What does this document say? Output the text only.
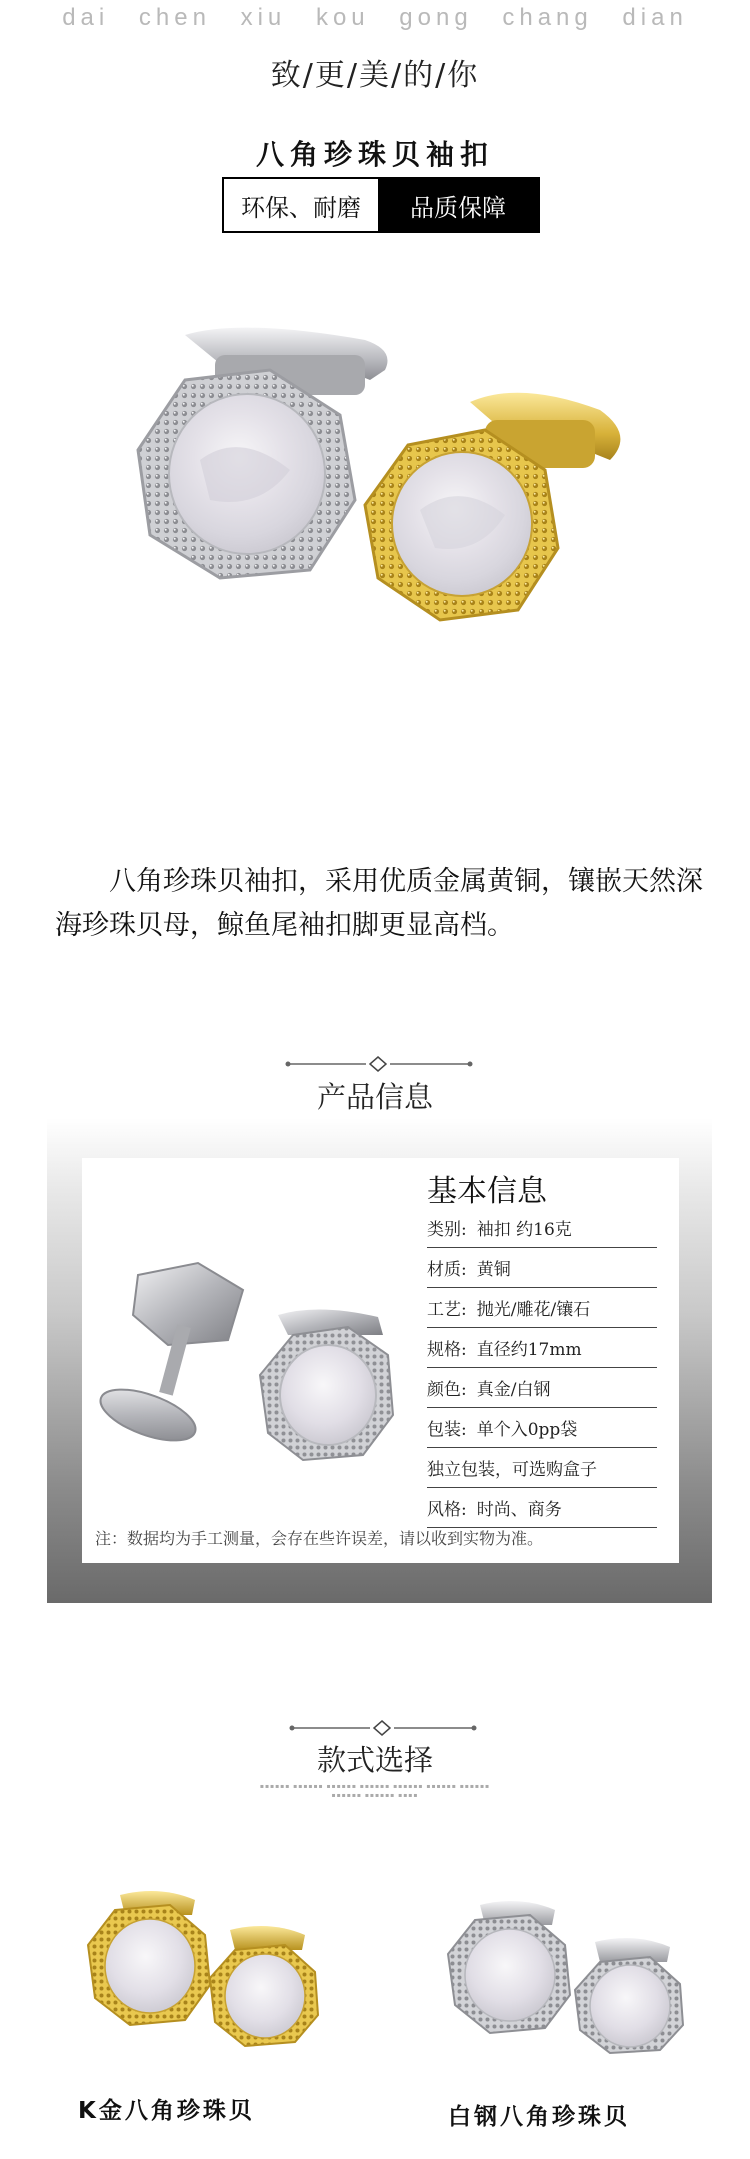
dai chen xiu kou gong chang dian
致/更/美/的/你
八角珍珠贝袖扣
环保、耐磨	品质保障
八角珍珠贝袖扣，采用优质金属黄铜，镶嵌天然深海珍珠贝母，鲸鱼尾袖扣脚更显高档。
产品信息

基本信息
类别: 袖扣 约16克
材质: 黄铜
工艺: 抛光/雕花/镶石
规格: 直径约17mm
颜色: 真金/白钢
包装: 单个入0pp袋
独立包装，可选购盒子
风格: 时尚、商务
注：数据均为手工测量，会存在些许误差，请以收到实物为准。
款式选择
▪▪▪▪▪▪ ▪▪▪▪▪▪ ▪▪▪▪▪▪ ▪▪▪▪▪▪ ▪▪▪▪▪▪ ▪▪▪▪▪▪ ▪▪▪▪▪▪
▪▪▪▪▪▪ ▪▪▪▪▪▪ ▪▪▪▪
K金八角珍珠贝	白钢八角珍珠贝
